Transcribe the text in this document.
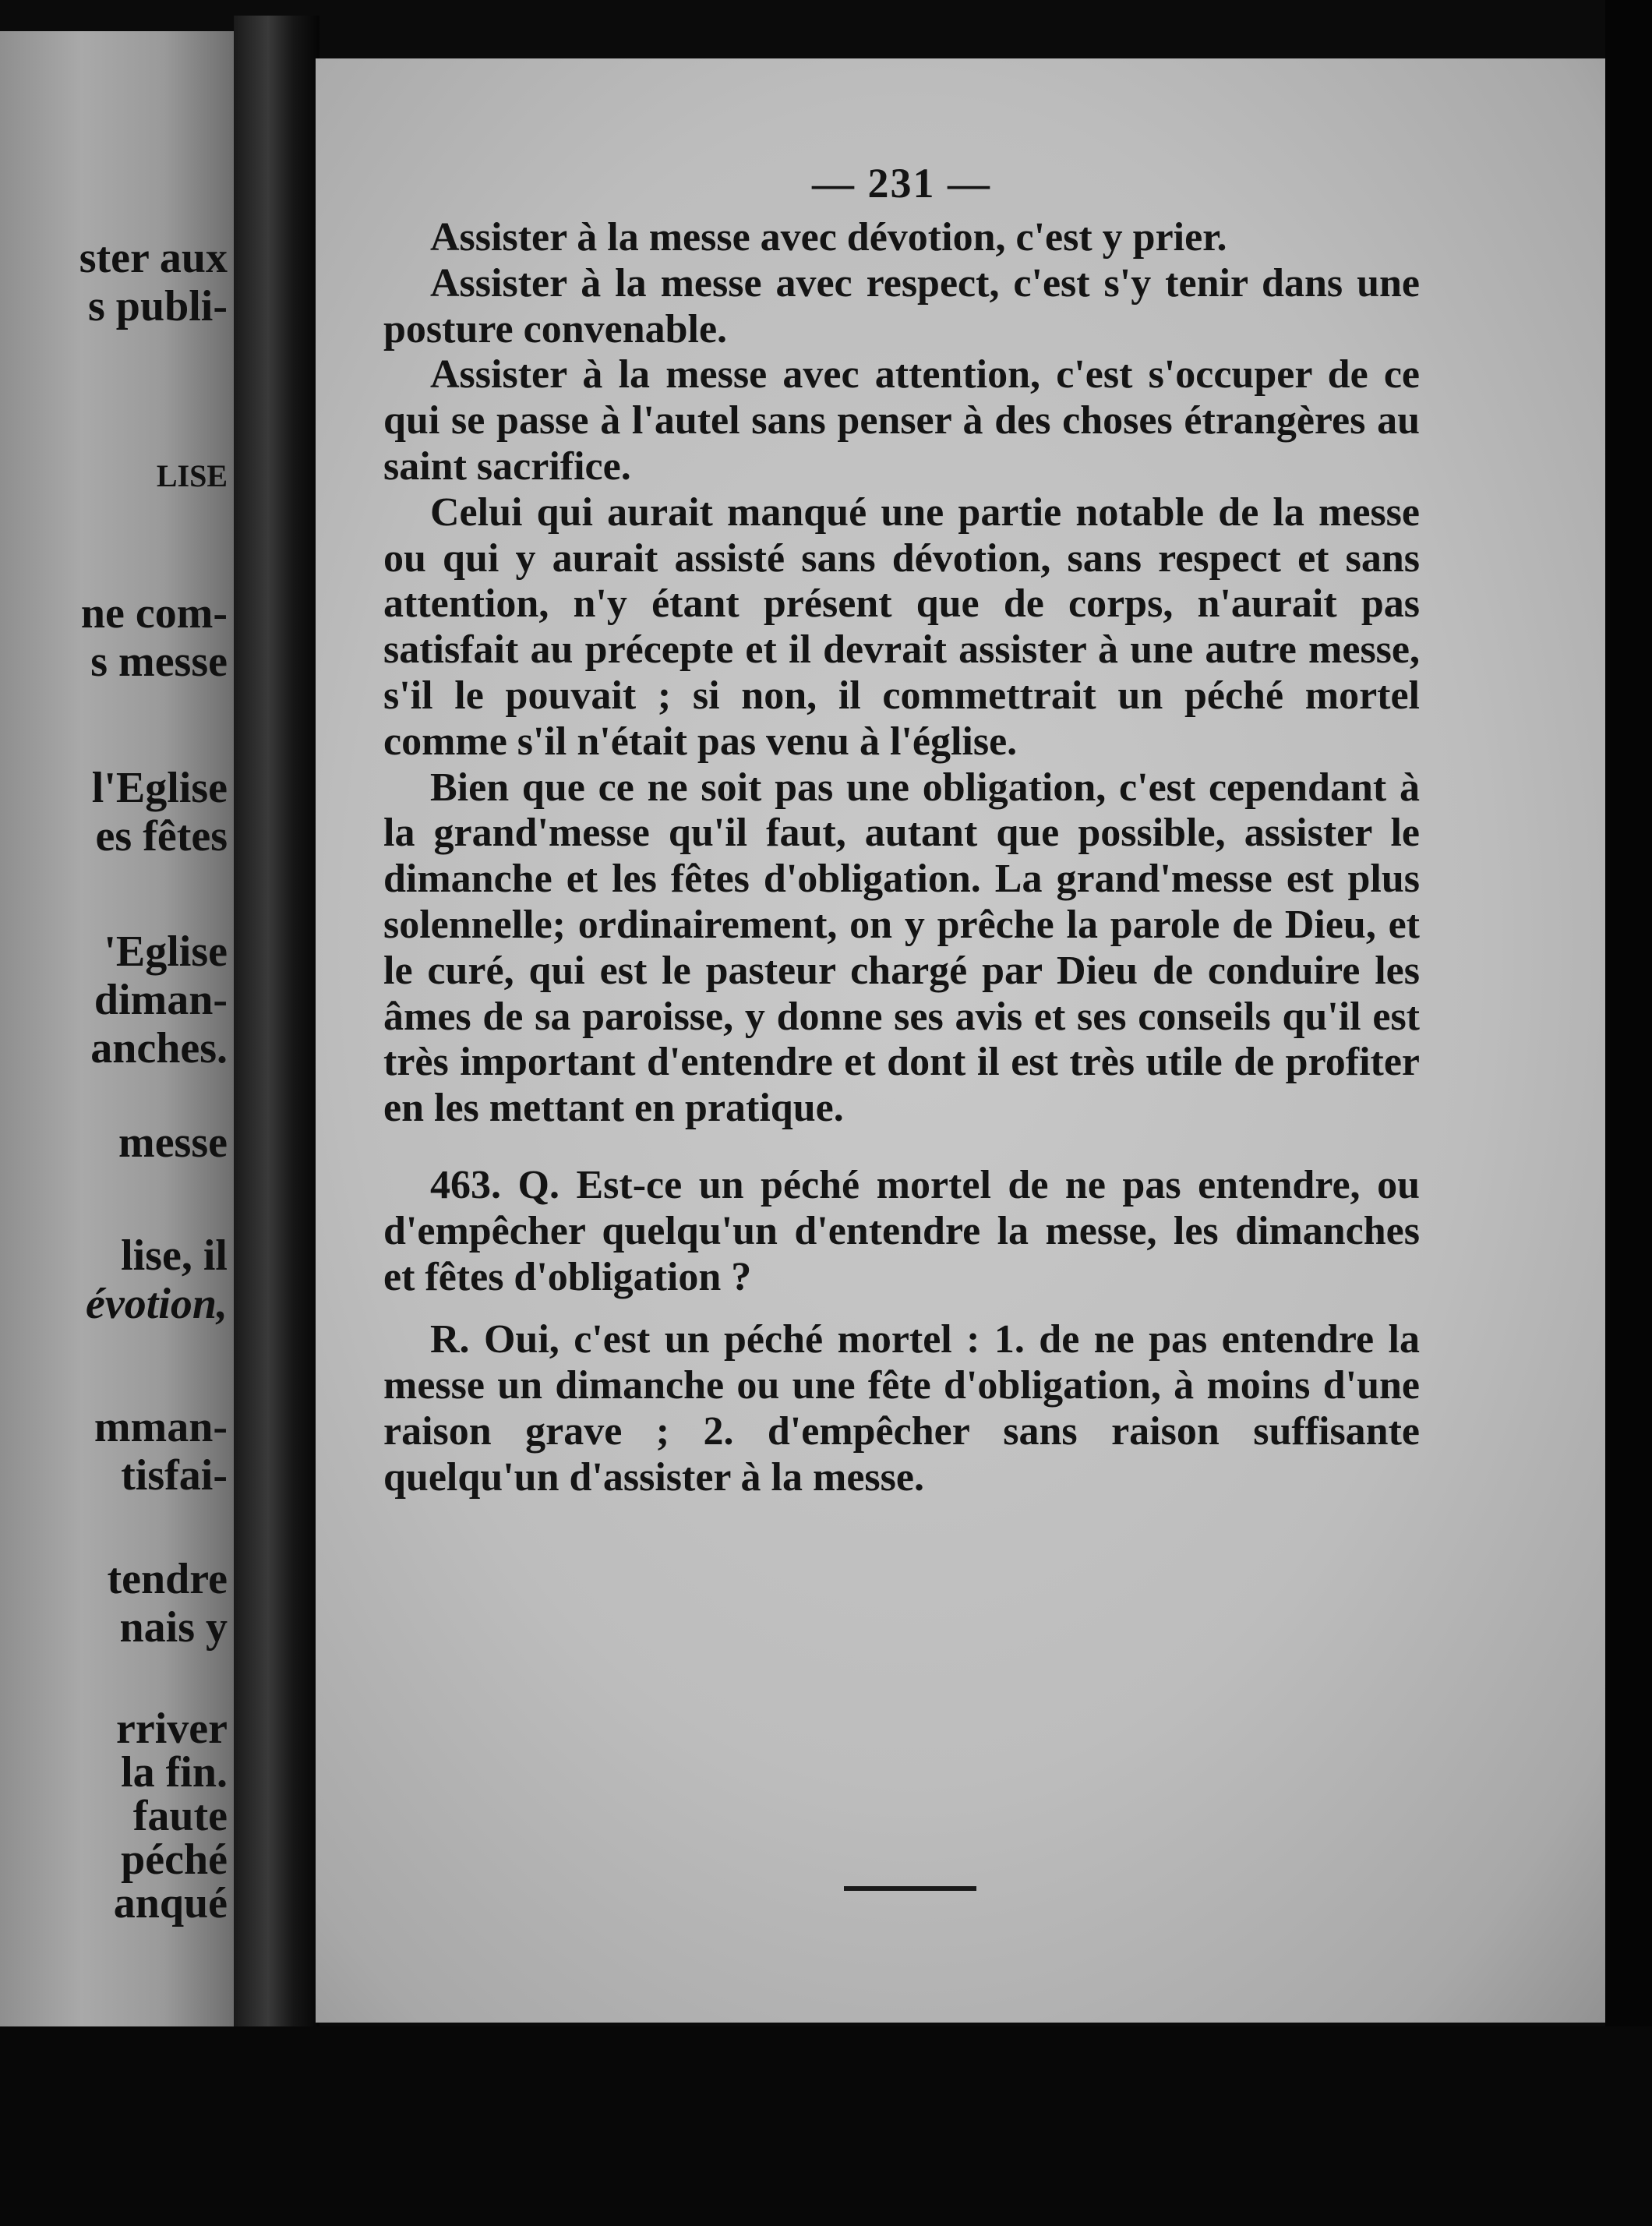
ster aux

s publi-

LISE

ne com-

s messe

l'Eglise

es fêtes

'Eglise

diman-

anches.

messe

lise, il

évotion,

mman-

tisfai-

tendre

nais y

rriver

la fin.

faute

péché

anqué

— 231 —

Assister à la messe avec dévotion, c'est y prier.

Assister à la messe avec respect, c'est s'y tenir dans une posture convenable.

Assister à la messe avec attention, c'est s'occuper de ce qui se passe à l'autel sans penser à des choses étrangères au saint sacrifice.

Celui qui aurait manqué une partie notable de la messe ou qui y aurait assisté sans dévotion, sans respect et sans attention, n'y étant présent que de corps, n'aurait pas satisfait au précepte et il devrait assister à une autre messe, s'il le pouvait ; si non, il commettrait un péché mortel comme s'il n'était pas venu à l'église.

Bien que ce ne soit pas une obligation, c'est cependant à la grand'messe qu'il faut, autant que possible, assister le dimanche et les fêtes d'obligation. La grand'messe est plus solennelle; ordinairement, on y prêche la parole de Dieu, et le curé, qui est le pasteur chargé par Dieu de conduire les âmes de sa paroisse, y donne ses avis et ses conseils qu'il est très important d'entendre et dont il est très utile de profiter en les mettant en pratique.

463. Q. Est-ce un péché mortel de ne pas entendre, ou d'empêcher quelqu'un d'entendre la messe, les dimanches et fêtes d'obligation ?

R. Oui, c'est un péché mortel : 1. de ne pas entendre la messe un dimanche ou une fête d'obligation, à moins d'une raison grave ; 2. d'empêcher sans raison suffisante quelqu'un d'assister à la messe.
